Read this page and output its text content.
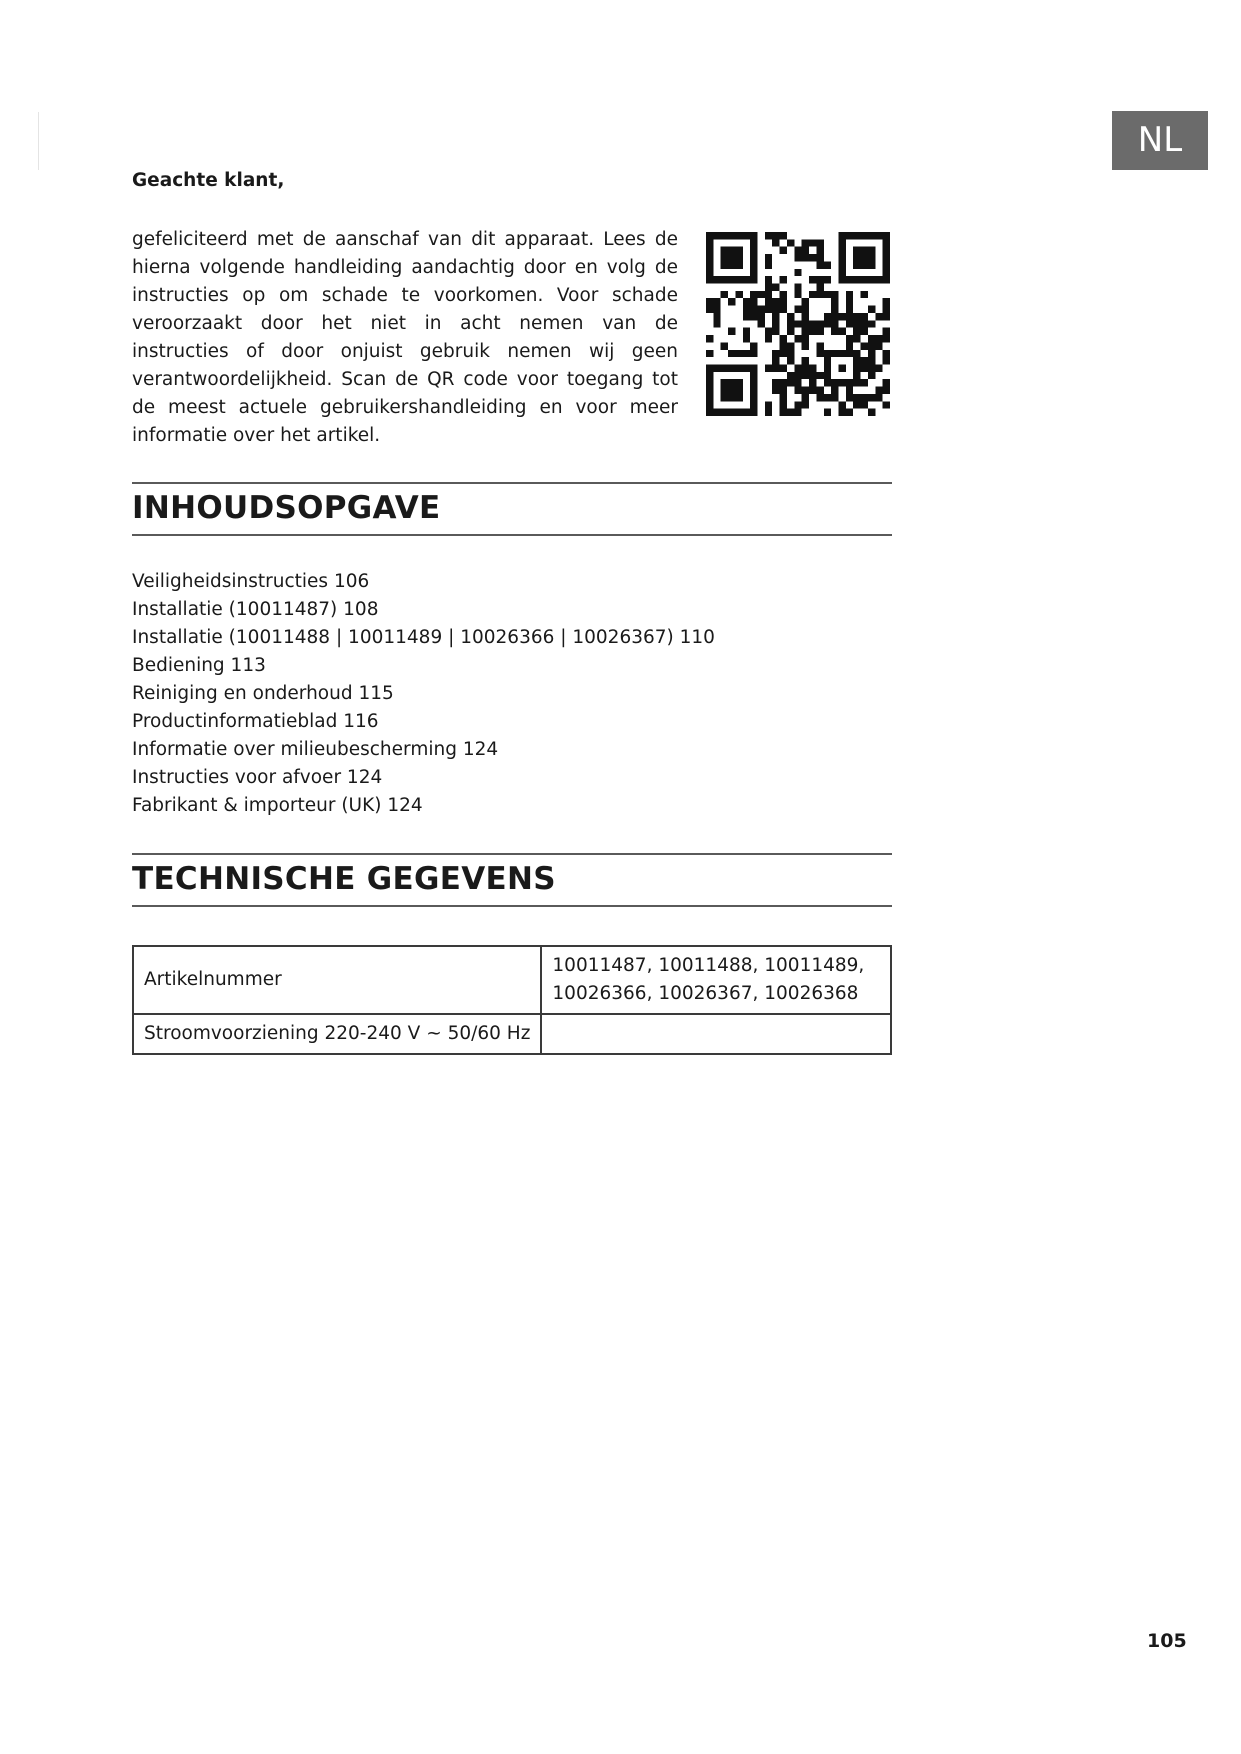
NL
Geachte klant,

gefeliciteerd met de aanschaf van dit apparaat. Lees de hierna volgende handleiding aandachtig door en volg de instructies op om schade te voorkomen. Voor schade veroorzaakt door het niet in acht nemen van de instructies of door onjuist gebruik nemen wij geen verantwoordelijkheid. Scan de QR code voor toegang tot de meest actuele gebruikershandleiding en voor meer informatie over het artikel.

INHOUDSOPGAVE
Veiligheidsinstructies 106
Installatie (10011487) 108
Installatie (10011488 | 10011489 | 10026366 | 10026367) 110
Bediening 113
Reiniging en onderhoud 115
Productinformatieblad 116
Informatie over milieubescherming 124
Instructies voor afvoer 124
Fabrikant & importeur (UK) 124
TECHNISCHE GEGEVENS
Artikelnummer	10011487, 10011488, 10011489,
10026366, 10026367, 10026368

Stroomvoorziening 220-240 V ~ 50/60 Hz	
105
